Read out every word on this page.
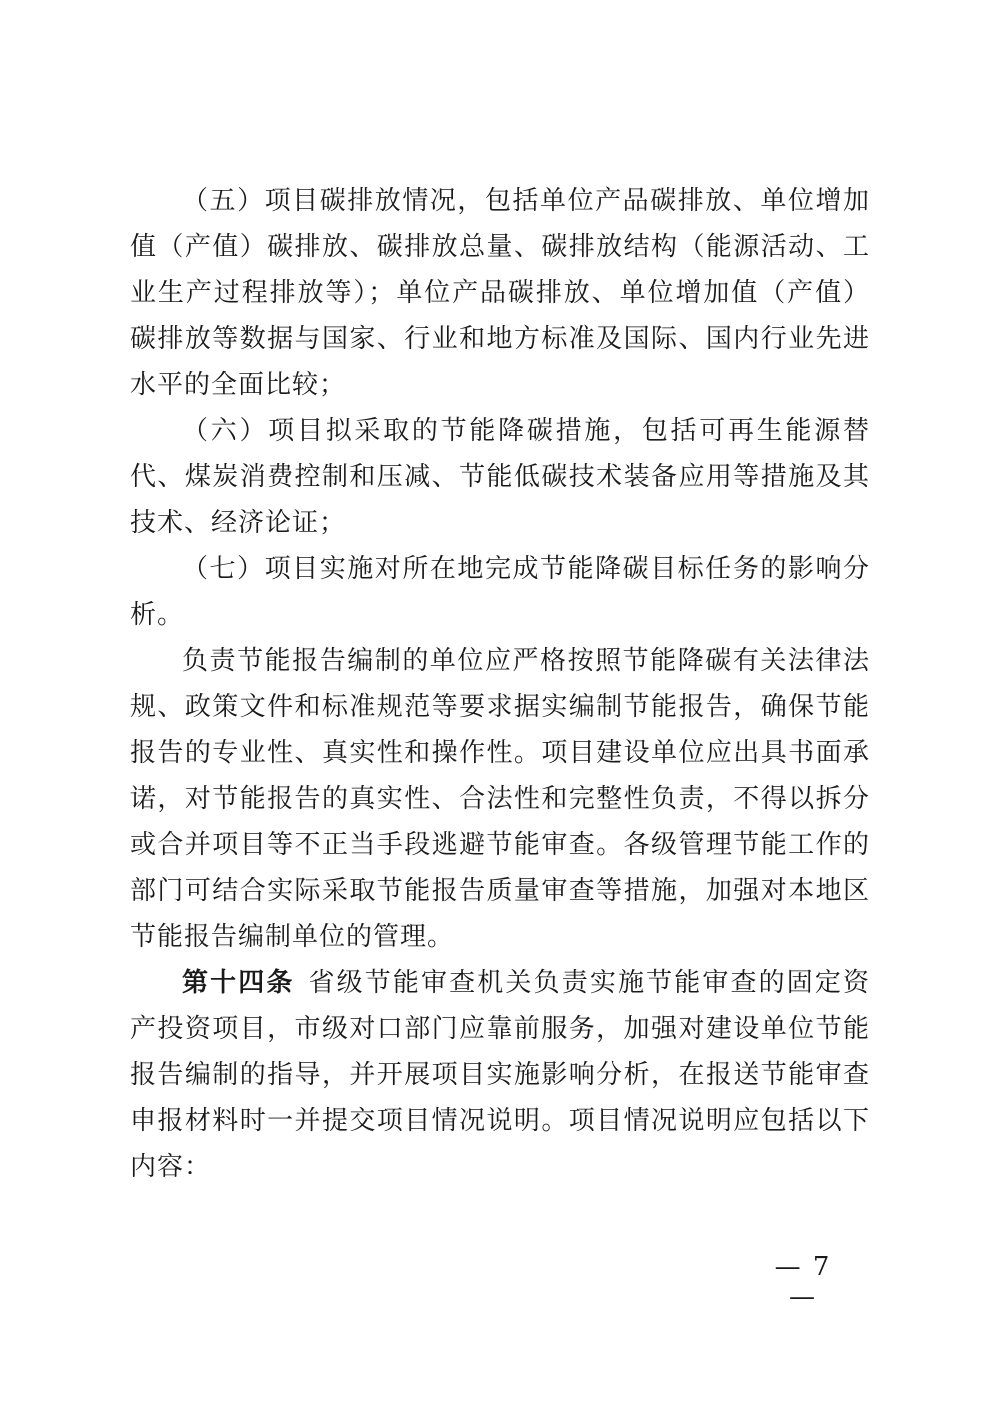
（五）项目碳排放情况，包括单位产品碳排放、单位增加值（产值）碳排放、碳排放总量、碳排放结构（能源活动、工业生产过程排放等）；单位产品碳排放、单位增加值（产值）碳排放等数据与国家、行业和地方标准及国际、国内行业先进水平的全面比较；

（六）项目拟采取的节能降碳措施，包括可再生能源替代、煤炭消费控制和压减、节能低碳技术装备应用等措施及其技术、经济论证；

（七）项目实施对所在地完成节能降碳目标任务的影响分析。

负责节能报告编制的单位应严格按照节能降碳有关法律法规、政策文件和标准规范等要求据实编制节能报告，确保节能报告的专业性、真实性和操作性。项目建设单位应出具书面承诺，对节能报告的真实性、合法性和完整性负责，不得以拆分或合并项目等不正当手段逃避节能审查。各级管理节能工作的部门可结合实际采取节能报告质量审查等措施，加强对本地区节能报告编制单位的管理。

第十四条 省级节能审查机关负责实施节能审查的固定资产投资项目，市级对口部门应靠前服务，加强对建设单位节能报告编制的指导，并开展项目实施影响分析，在报送节能审查申报材料时一并提交项目情况说明。项目情况说明应包括以下内容：

— 7 —
